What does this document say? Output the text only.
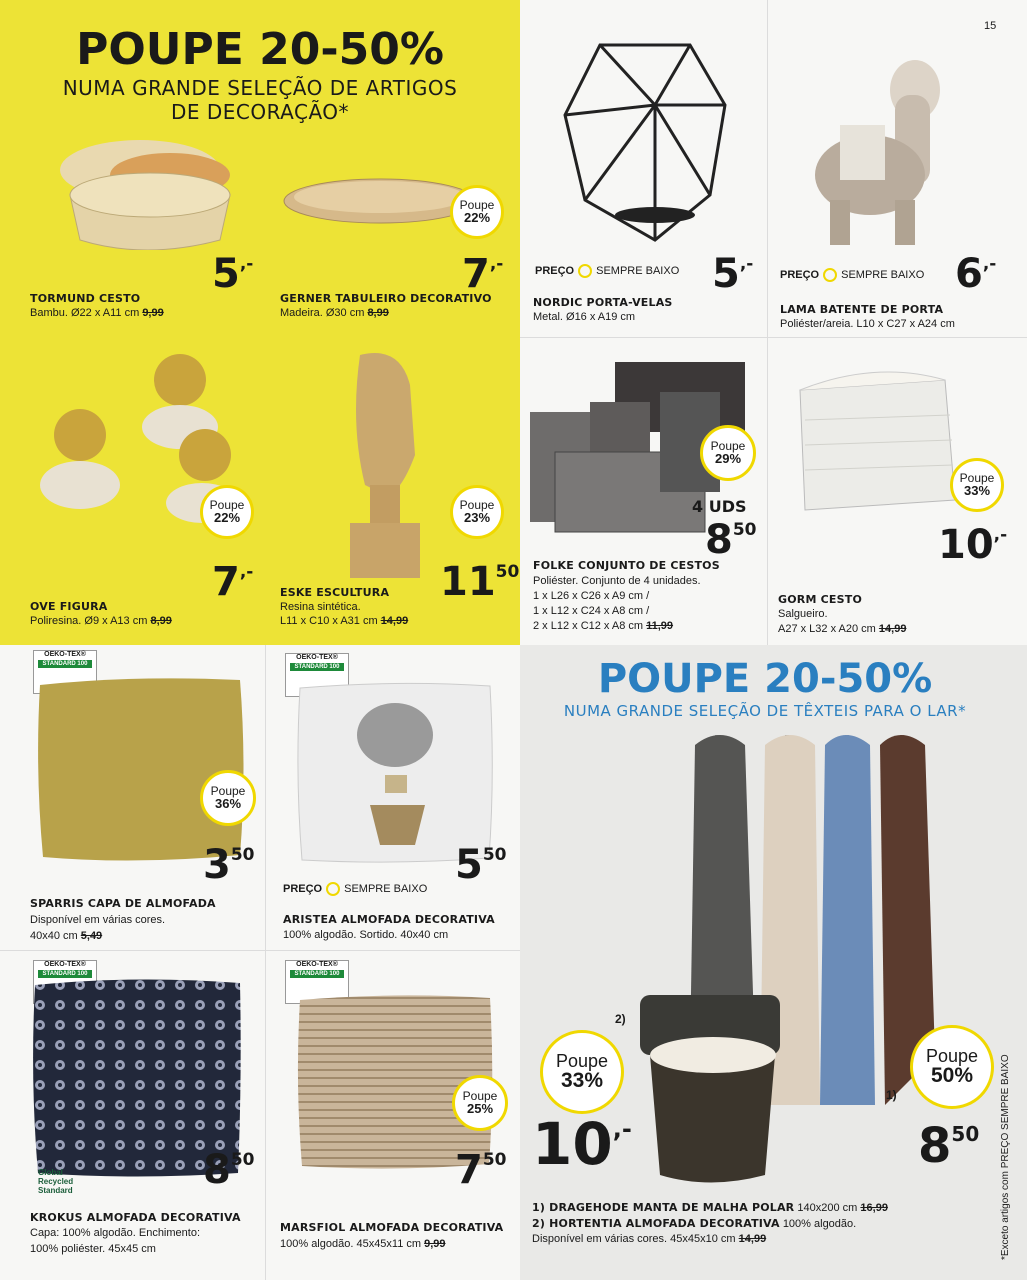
15
POUPE 20-50%
NUMA GRANDE SELEÇÃO DE ARTIGOS
DE DECORAÇÃO*
5,-
TORMUND CESTO
Bambu. Ø22 x A11 cm 9,99
Poupe
22%
7,-
GERNER TABULEIRO DECORATIVO
Madeira. Ø30 cm 8,99
Poupe
22%
7,-
OVE FIGURA
Poliresina. Ø9 x A13 cm 8,99
Poupe
23%
1150
ESKE ESCULTURA
Resina sintética.
L11 x C10 x A31 cm 14,99
PREÇO SEMPRE BAIXO 5,-
NORDIC PORTA-VELAS
Metal. Ø16 x A19 cm
PREÇO SEMPRE BAIXO 6,-
LAMA BATENTE DE PORTA
Poliéster/areia. L10 x C27 x A24 cm
Poupe
29%
4 UDS
850
FOLKE CONJUNTO DE CESTOS
Poliéster. Conjunto de 4 unidades.
1 x L26 x C26 x A9 cm /
1 x L12 x C24 x A8 cm /
2 x L12 x C12 x A8 cm 11,99
Poupe
33%
10,-
GORM CESTO
Salgueiro.
A27 x L32 x A20 cm 14,99
OEKO-TEX®
STANDARD 100
Poupe
36%
350
SPARRIS CAPA DE ALMOFADA
Disponível em várias cores.
40x40 cm 5,49
OEKO-TEX®
STANDARD 100
550
PREÇO SEMPRE BAIXO
ARISTEA ALMOFADA DECORATIVA
100% algodão. Sortido. 40x40 cm
OEKO-TEX®
STANDARD 100
Global Recycled Standard	850
KROKUS ALMOFADA DECORATIVA
Capa: 100% algodão. Enchimento:
100% poliéster. 45x45 cm
OEKO-TEX®
STANDARD 100
Poupe
25%
750
MARSFIOL ALMOFADA DECORATIVA
100% algodão. 45x45x11 cm 9,99
POUPE 20-50%
NUMA GRANDE SELEÇÃO DE TÊXTEIS PARA O LAR*
2)
1)
Poupe
33%
10,-
Poupe
50%
850
1) DRAGEHODE MANTA DE MALHA POLAR 140x200 cm 16,99
2) HORTENTIA ALMOFADA DECORATIVA 100% algodão.
Disponível em várias cores. 45x45x10 cm 14,99	*Exceto artigos com PREÇO SEMPRE BAIXO
